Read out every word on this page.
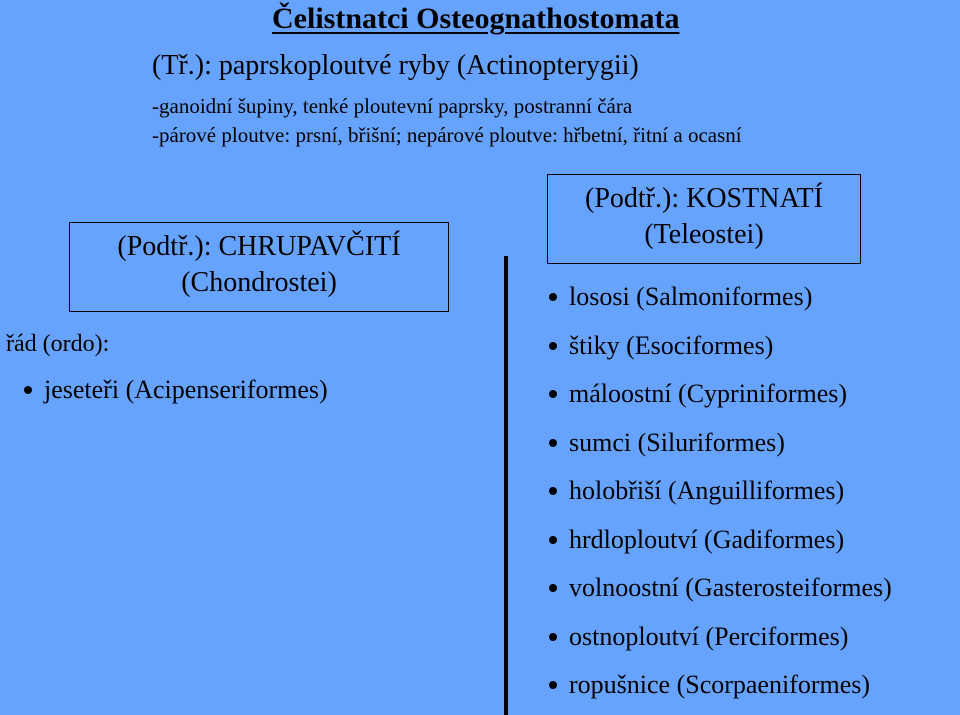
Čelistnatci Osteognathostomata
(Tř.): paprskoploutvé ryby (Actinopterygii)
-ganoidní šupiny, tenké ploutevní paprsky, postranní čára
-párové ploutve: prsní, břišní; nepárové ploutve: hřbetní, řitní a ocasní
(Podtř.): CHRUPAVČITÍ
(Chondrostei)
(Podtř.): KOSTNATÍ
(Teleostei)
řád (ordo):
jeseteři (Acipenseriformes)
lososi (Salmoniformes)
štiky (Esociformes)
máloostní (Cypriniformes)
sumci (Siluriformes)
holobřiší (Anguilliformes)
hrdloploutví (Gadiformes)
volnoostní (Gasterosteiformes)
ostnoploutví (Perciformes)
ropušnice (Scorpaeniformes)
